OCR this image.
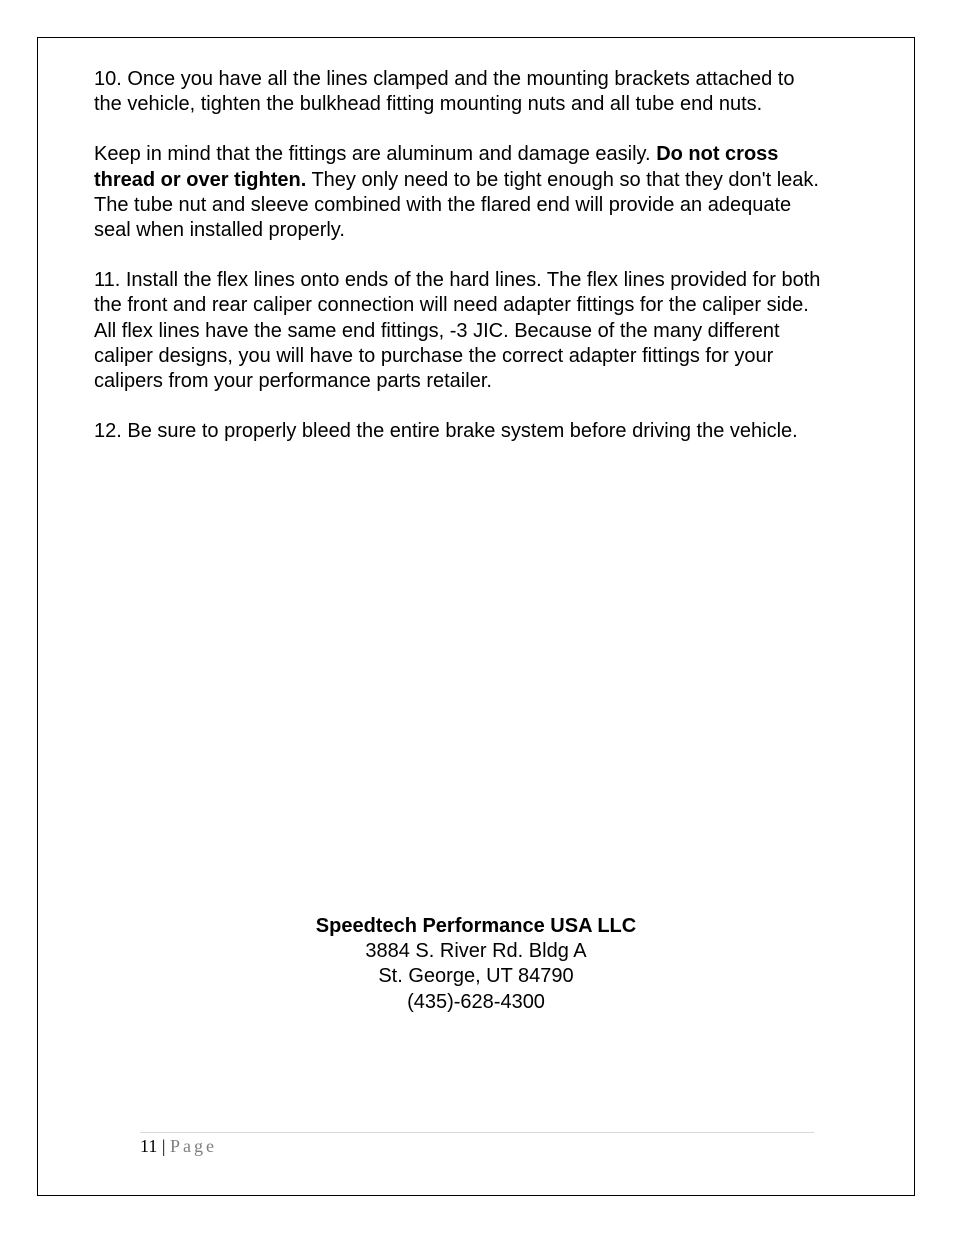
10. Once you have all the lines clamped and the mounting brackets attached to the vehicle, tighten the bulkhead fitting mounting nuts and all tube end nuts.

Keep in mind that the fittings are aluminum and damage easily. Do not cross thread or over tighten. They only need to be tight enough so that they don't leak. The tube nut and sleeve combined with the flared end will provide an adequate seal when installed properly.

11. Install the flex lines onto ends of the hard lines. The flex lines provided for both the front and rear caliper connection will need adapter fittings for the caliper side. All flex lines have the same end fittings, -3 JIC. Because of the many different caliper designs, you will have to purchase the correct adapter fittings for your calipers from your performance parts retailer.

12. Be sure to properly bleed the entire brake system before driving the vehicle.

Speedtech Performance USA LLC
3884 S. River Rd. Bldg A
St. George, UT 84790
(435)-628-4300
11 | Page
